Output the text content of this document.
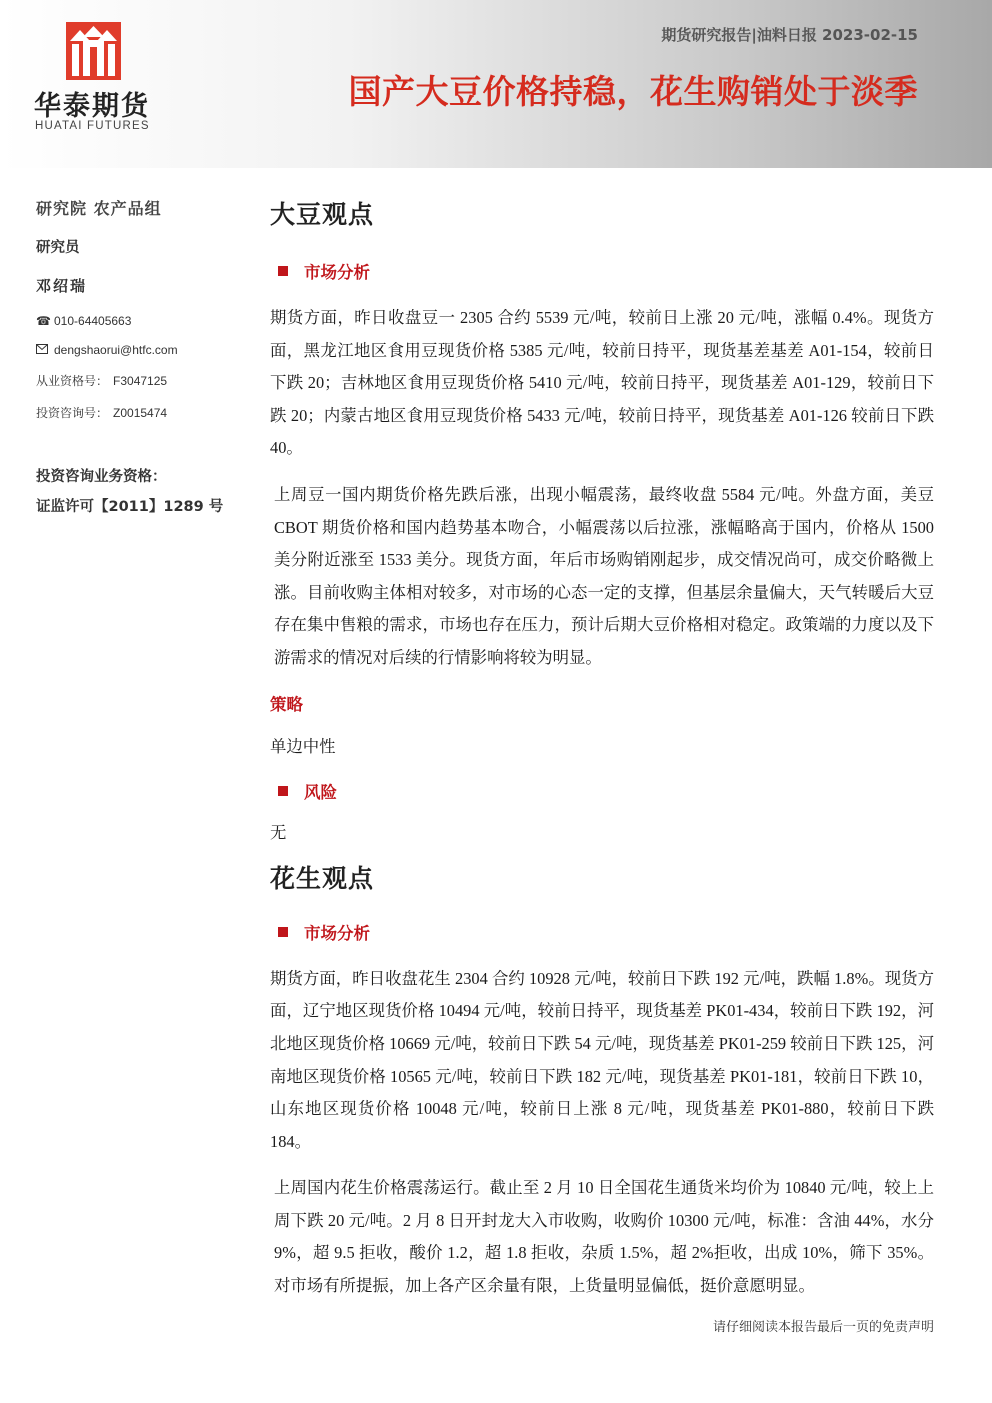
华泰期货
HUATAI FUTURES
期货研究报告|油料日报 2023-02-15
国产大豆价格持稳，花生购销处于淡季
研究院 农产品组
研究员
邓绍瑞
☎ 010-64405663
dengshaorui@htfc.com
从业资格号： F3047125
投资咨询号： Z0015474
投资咨询业务资格：
证监许可【2011】1289 号
大豆观点
市场分析

期货方面，昨日收盘豆一 2305 合约 5539 元/吨，较前日上涨 20 元/吨，涨幅 0.4%。现货方面，黑龙江地区食用豆现货价格 5385 元/吨，较前日持平，现货基差基差 A01-154，较前日下跌 20；吉林地区食用豆现货价格 5410 元/吨，较前日持平，现货基差 A01-129，较前日下跌 20；内蒙古地区食用豆现货价格 5433 元/吨，较前日持平，现货基差 A01-126 较前日下跌 40。

上周豆一国内期货价格先跌后涨，出现小幅震荡，最终收盘 5584 元/吨。外盘方面，美豆 CBOT 期货价格和国内趋势基本吻合，小幅震荡以后拉涨，涨幅略高于国内，价格从 1500 美分附近涨至 1533 美分。现货方面，年后市场购销刚起步，成交情况尚可，成交价略微上涨。目前收购主体相对较多，对市场的心态一定的支撑，但基层余量偏大，天气转暖后大豆存在集中售粮的需求，市场也存在压力，预计后期大豆价格相对稳定。政策端的力度以及下游需求的情况对后续的行情影响将较为明显。

策略

单边中性

风险

无

花生观点
市场分析

期货方面，昨日收盘花生 2304 合约 10928 元/吨，较前日下跌 192 元/吨，跌幅 1.8%。现货方面，辽宁地区现货价格 10494 元/吨，较前日持平，现货基差 PK01-434，较前日下跌 192，河北地区现货价格 10669 元/吨，较前日下跌 54 元/吨，现货基差 PK01-259 较前日下跌 125，河南地区现货价格 10565 元/吨，较前日下跌 182 元/吨，现货基差 PK01-181，较前日下跌 10，山东地区现货价格 10048 元/吨，较前日上涨 8 元/吨，现货基差 PK01-880，较前日下跌 184。

上周国内花生价格震荡运行。截止至 2 月 10 日全国花生通货米均价为 10840 元/吨，较上上周下跌 20 元/吨。2 月 8 日开封龙大入市收购，收购价 10300 元/吨，标准：含油 44%，水分 9%，超 9.5 拒收，酸价 1.2，超 1.8 拒收，杂质 1.5%，超 2%拒收，出成 10%，筛下 35%。对市场有所提振，加上各产区余量有限，上货量明显偏低，挺价意愿明显。

请仔细阅读本报告最后一页的免责声明
